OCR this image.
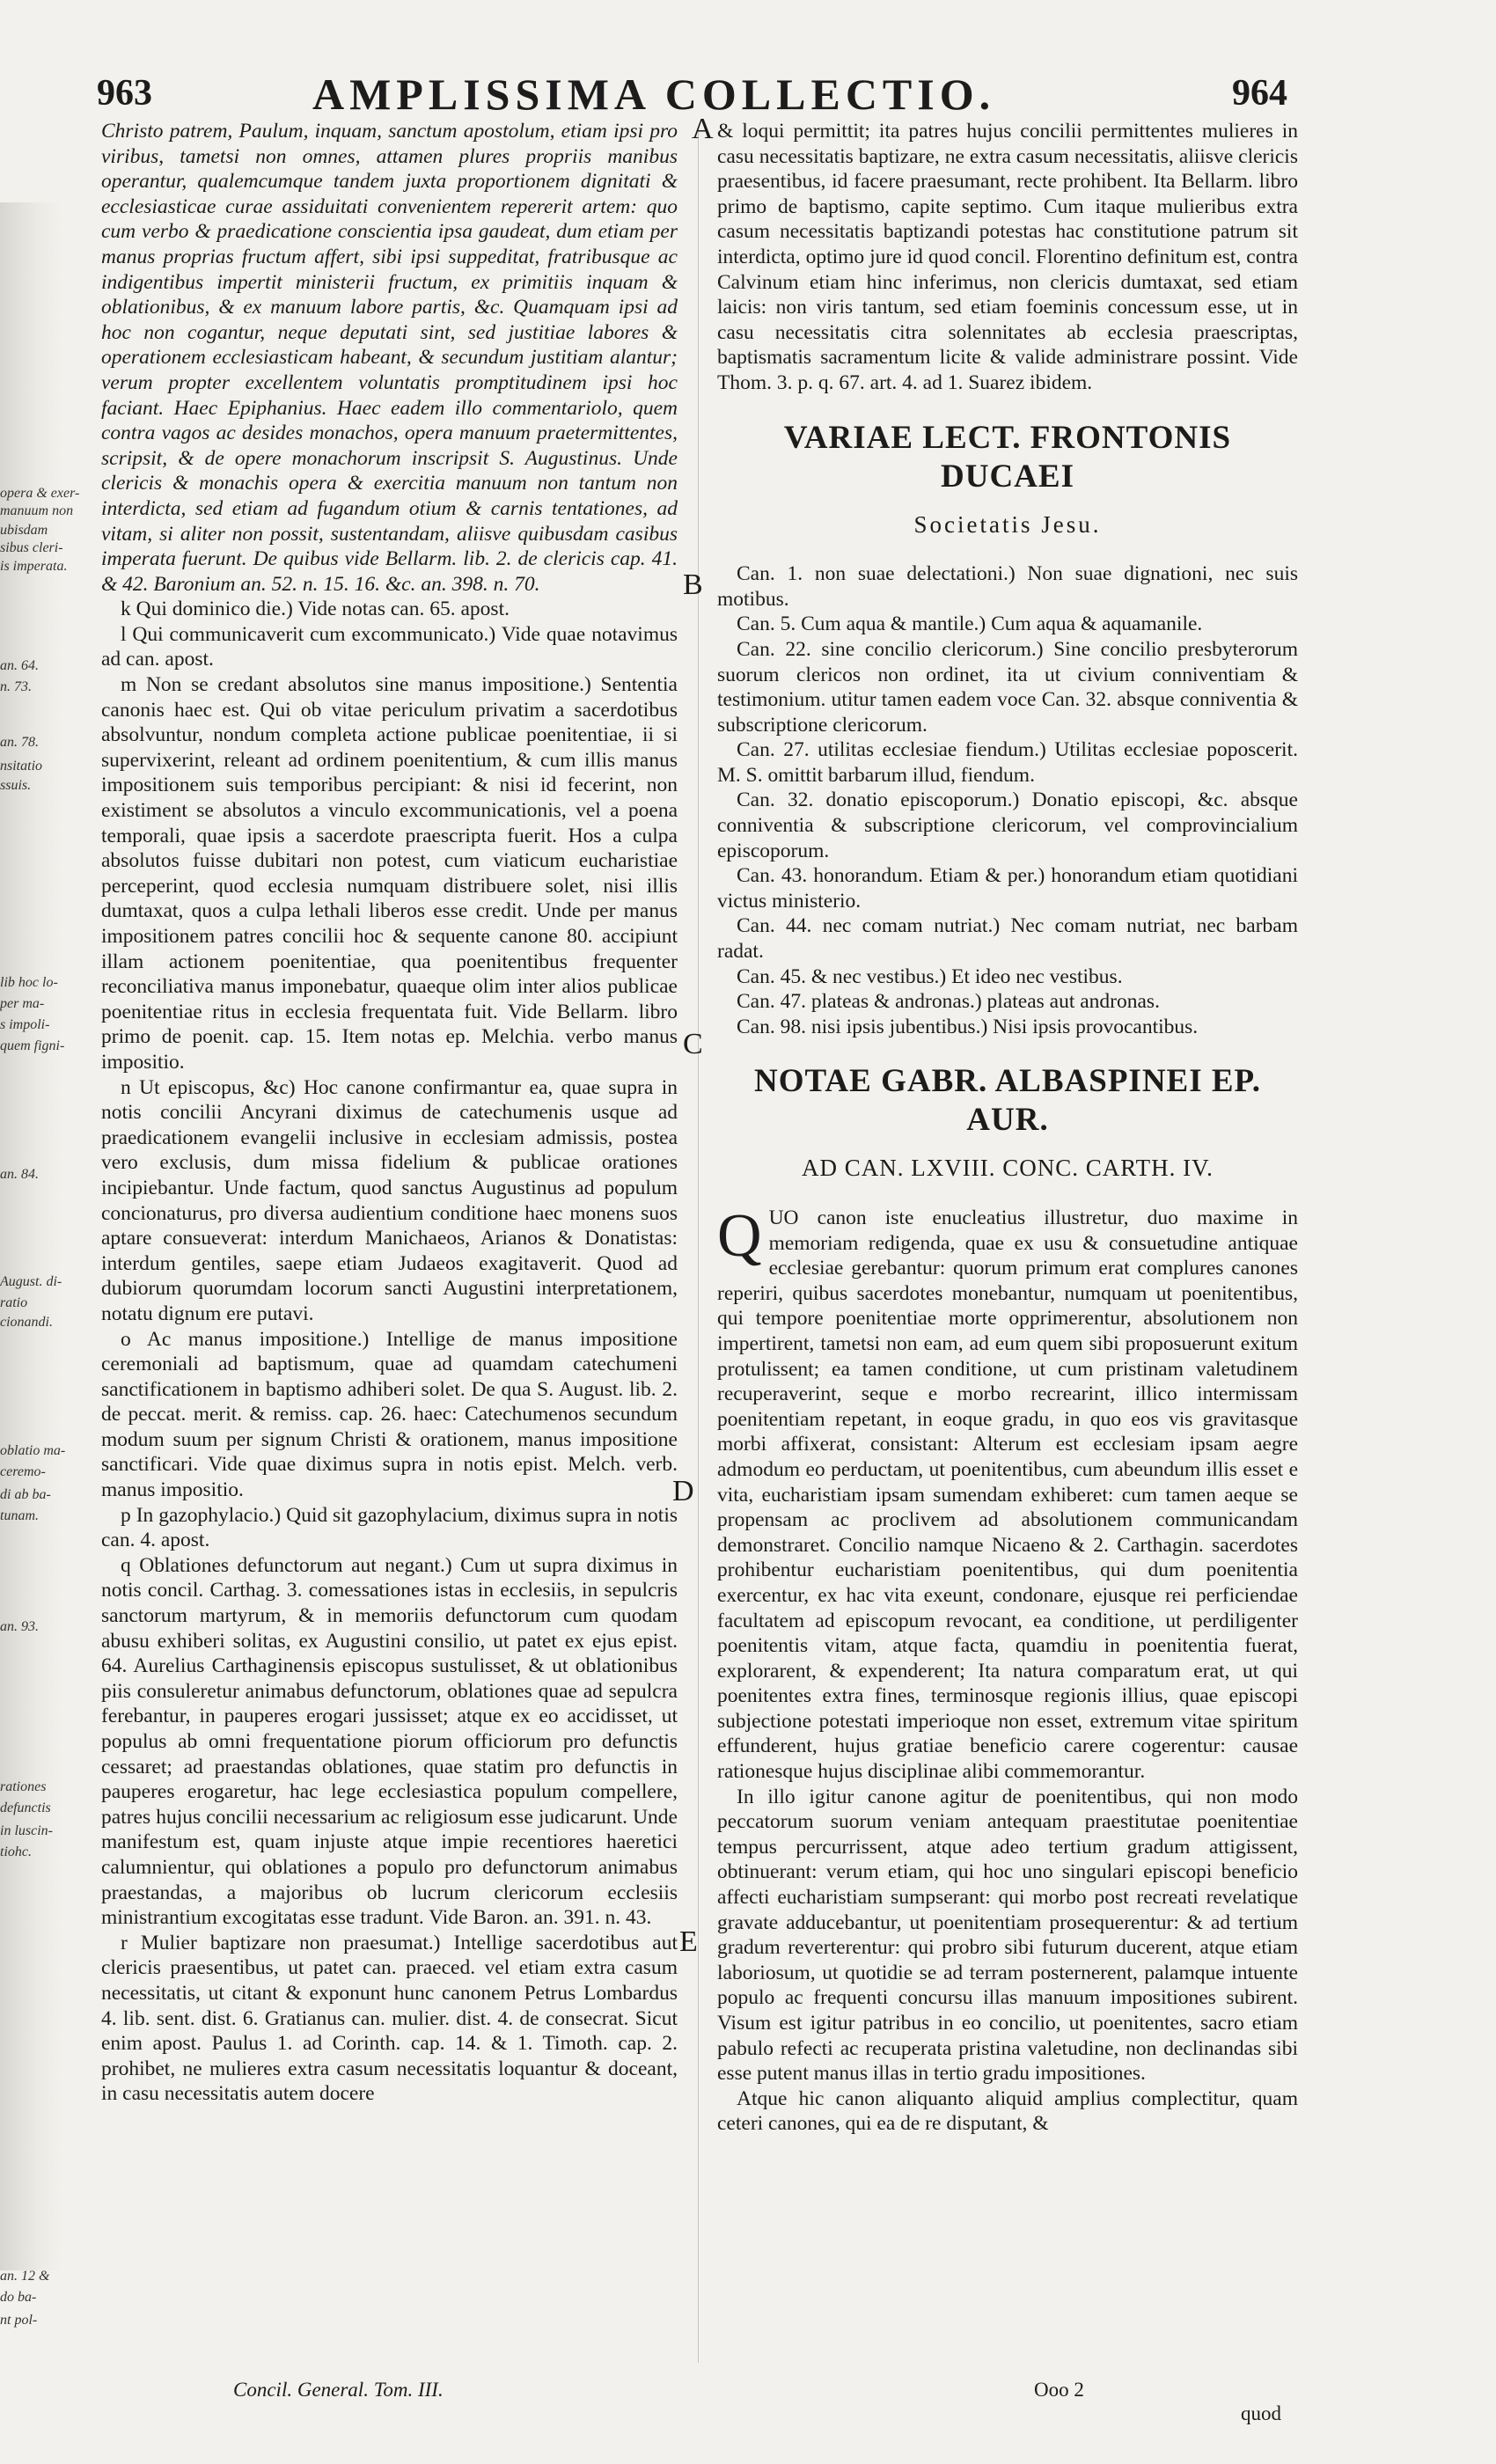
963	AMPLISSIMA COLLECTIO.	964
opera & exer-
manuum non
ubisdam
sibus cleri-
is imperata.
an. 64.
n. 73.
an. 78.
nsitatio
ssuis.
lib hoc lo-
per ma-
s impoli-
quem figni-
an. 84.
August. di-
ratio
cionandi.
oblatio ma-
ceremo-
di ab ba-
tunam.
an. 93.
rationes
defunctis
in luscin-
tiohc.
an. 12 &
do ba-
nt pol-
A
B
C
D
E

Christo patrem, Paulum, inquam, sanctum apostolum, etiam ipsi pro viribus, tametsi non omnes, attamen plures propriis manibus operantur, qualemcumque tandem juxta proportionem dignitati & ecclesiasticae curae assiduitati convenientem repererit artem: quo cum verbo & praedicatione conscientia ipsa gaudeat, dum etiam per manus proprias fructum affert, sibi ipsi suppeditat, fratribusque ac indigentibus impertit ministerii fructum, ex primitiis inquam & oblationibus, & ex manuum labore partis, &c. Quamquam ipsi ad hoc non cogantur, neque deputati sint, sed justitiae labores & operationem ecclesiasticam habeant, & secundum justitiam alantur; verum propter excellentem voluntatis promptitudinem ipsi hoc faciant. Haec Epiphanius. Haec eadem illo commentariolo, quem contra vagos ac desides monachos, opera manuum praetermittentes, scripsit, & de opere monachorum inscripsit S. Augustinus. Unde clericis & monachis opera & exercitia manuum non tantum non interdicta, sed etiam ad fugandum otium & carnis tentationes, ad vitam, si aliter non possit, sustentandam, aliisve quibusdam casibus imperata fuerunt. De quibus vide Bellarm. lib. 2. de clericis cap. 41. & 42. Baronium an. 52. n. 15. 16. &c. an. 398. n. 70.

k Qui dominico die.) Vide notas can. 65. apost.

l Qui communicaverit cum excommunicato.) Vide quae notavimus ad can. apost.

m Non se credant absolutos sine manus impositione.) Sententia canonis haec est. Qui ob vitae periculum privatim a sacerdotibus absolvuntur, nondum completa actione publicae poenitentiae, ii si supervixerint, releant ad ordinem poenitentium, & cum illis manus impositionem suis temporibus percipiant: & nisi id fecerint, non existiment se absolutos a vinculo excommunicationis, vel a poena temporali, quae ipsis a sacerdote praescripta fuerit. Hos a culpa absolutos fuisse dubitari non potest, cum viaticum eucharistiae perceperint, quod ecclesia numquam distribuere solet, nisi illis dumtaxat, quos a culpa lethali liberos esse credit. Unde per manus impositionem patres concilii hoc & sequente canone 80. accipiunt illam actionem poenitentiae, qua poenitentibus frequenter reconciliativa manus imponebatur, quaeque olim inter alios publicae poenitentiae ritus in ecclesia frequentata fuit. Vide Bellarm. libro primo de poenit. cap. 15. Item notas ep. Melchia. verbo manus impositio.

n Ut episcopus, &c) Hoc canone confirmantur ea, quae supra in notis concilii Ancyrani diximus de catechumenis usque ad praedicationem evangelii inclusive in ecclesiam admissis, postea vero exclusis, dum missa fidelium & publicae orationes incipiebantur. Unde factum, quod sanctus Augustinus ad populum concionaturus, pro diversa audientium conditione haec monens suos aptare consueverat: interdum Manichaeos, Arianos & Donatistas: interdum gentiles, saepe etiam Judaeos exagitaverit. Quod ad dubiorum quorumdam locorum sancti Augustini interpretationem, notatu dignum ere putavi.

o Ac manus impositione.) Intellige de manus impositione ceremoniali ad baptismum, quae ad quamdam catechumeni sanctificationem in baptismo adhiberi solet. De qua S. August. lib. 2. de peccat. merit. & remiss. cap. 26. haec: Catechumenos secundum modum suum per signum Christi & orationem, manus impositione sanctificari. Vide quae diximus supra in notis epist. Melch. verb. manus impositio.

p In gazophylacio.) Quid sit gazophylacium, diximus supra in notis can. 4. apost.

q Oblationes defunctorum aut negant.) Cum ut supra diximus in notis concil. Carthag. 3. comessationes istas in ecclesiis, in sepulcris sanctorum martyrum, & in memoriis defunctorum cum quodam abusu exhiberi solitas, ex Augustini consilio, ut patet ex ejus epist. 64. Aurelius Carthaginensis episcopus sustulisset, & ut oblationibus piis consuleretur animabus defunctorum, oblationes quae ad sepulcra ferebantur, in pauperes erogari jussisset; atque ex eo accidisset, ut populus ab omni frequentatione piorum officiorum pro defunctis cessaret; ad praestandas oblationes, quae statim pro defunctis in pauperes erogaretur, hac lege ecclesiastica populum compellere, patres hujus concilii necessarium ac religiosum esse judicarunt. Unde manifestum est, quam injuste atque impie recentiores haeretici calumnientur, qui oblationes a populo pro defunctorum animabus praestandas, a majoribus ob lucrum clericorum ecclesiis ministrantium excogitatas esse tradunt. Vide Baron. an. 391. n. 43.

r Mulier baptizare non praesumat.) Intellige sacerdotibus aut clericis praesentibus, ut patet can. praeced. vel etiam extra casum necessitatis, ut citant & exponunt hunc canonem Petrus Lombardus 4. lib. sent. dist. 6. Gratianus can. mulier. dist. 4. de consecrat. Sicut enim apost. Paulus 1. ad Corinth. cap. 14. & 1. Timoth. cap. 2. prohibet, ne mulieres extra casum necessitatis loquantur & doceant, in casu necessitatis autem docere

& loqui permittit; ita patres hujus concilii permittentes mulieres in casu necessitatis baptizare, ne extra casum necessitatis, aliisve clericis praesentibus, id facere praesumant, recte prohibent. Ita Bellarm. libro primo de baptismo, capite septimo. Cum itaque mulieribus extra casum necessitatis baptizandi potestas hac constitutione patrum sit interdicta, optimo jure id quod concil. Florentino definitum est, contra Calvinum etiam hinc inferimus, non clericis dumtaxat, sed etiam laicis: non viris tantum, sed etiam foeminis concessum esse, ut in casu necessitatis citra solennitates ab ecclesia praescriptas, baptismatis sacramentum licite & valide administrare possint. Vide Thom. 3. p. q. 67. art. 4. ad 1. Suarez ibidem.

VARIAE LECT. FRONTONIS DUCAEI
Societatis Jesu.

Can. 1. non suae delectationi.) Non suae dignationi, nec suis motibus.

Can. 5. Cum aqua & mantile.) Cum aqua & aquamanile.

Can. 22. sine concilio clericorum.) Sine concilio presbyterorum suorum clericos non ordinet, ita ut civium conniventiam & testimonium. utitur tamen eadem voce Can. 32. absque conniventia & subscriptione clericorum.

Can. 27. utilitas ecclesiae fiendum.) Utilitas ecclesiae poposcerit. M. S. omittit barbarum illud, fiendum.

Can. 32. donatio episcoporum.) Donatio episcopi, &c. absque conniventia & subscriptione clericorum, vel comprovincialium episcoporum.

Can. 43. honorandum. Etiam & per.) honorandum etiam quotidiani victus ministerio.

Can. 44. nec comam nutriat.) Nec comam nutriat, nec barbam radat.

Can. 45. & nec vestibus.) Et ideo nec vestibus.

Can. 47. plateas & andronas.) plateas aut andronas.

Can. 98. nisi ipsis jubentibus.) Nisi ipsis provocantibus.

NOTAE GABR. ALBASPINEI EP. AUR.
AD CAN. LXVIII. CONC. CARTH. IV.

QUO canon iste enucleatius illustretur, duo maxime in memoriam redigenda, quae ex usu & consuetudine antiquae ecclesiae gerebantur: quorum primum erat complures canones reperiri, quibus sacerdotes monebantur, numquam ut poenitentibus, qui tempore poenitentiae morte opprimerentur, absolutionem non impertirent, tametsi non eam, ad eum quem sibi proposuerunt exitum protulissent; ea tamen conditione, ut cum pristinam valetudinem recuperaverint, seque e morbo recrearint, illico intermissam poenitentiam repetant, in eoque gradu, in quo eos vis gravitasque morbi affixerat, consistant: Alterum est ecclesiam ipsam aegre admodum eo perductam, ut poenitentibus, cum abeundum illis esset e vita, eucharistiam ipsam sumendam exhiberet: cum tamen aeque se propensam ac proclivem ad absolutionem communicandam demonstraret. Concilio namque Nicaeno & 2. Carthagin. sacerdotes prohibentur eucharistiam poenitentibus, qui dum poenitentia exercentur, ex hac vita exeunt, condonare, ejusque rei perficiendae facultatem ad episcopum revocant, ea conditione, ut perdiligenter poenitentis vitam, atque facta, quamdiu in poenitentia fuerat, explorarent, & expenderent; Ita natura comparatum erat, ut qui poenitentes extra fines, terminosque regionis illius, quae episcopi subjectione potestati imperioque non esset, extremum vitae spiritum effunderent, hujus gratiae beneficio carere cogerentur: causae rationesque hujus disciplinae alibi commemorantur.

In illo igitur canone agitur de poenitentibus, qui non modo peccatorum suorum veniam antequam praestitutae poenitentiae tempus percurrissent, atque adeo tertium gradum attigissent, obtinuerant: verum etiam, qui hoc uno singulari episcopi beneficio affecti eucharistiam sumpserant: qui morbo post recreati revelatique gravate adducebantur, ut poenitentiam prosequerentur: & ad tertium gradum reverterentur: qui probro sibi futurum ducerent, atque etiam laboriosum, ut quotidie se ad terram posternerent, palamque intuente populo ac frequenti concursu illas manuum impositiones subirent. Visum est igitur patribus in eo concilio, ut poenitentes, sacro etiam pabulo refecti ac recuperata pristina valetudine, non declinandas sibi esse putent manus illas in tertio gradu impositiones.

Atque hic canon aliquanto aliquid amplius complectitur, quam ceteri canones, qui ea de re disputant, &

Concil. General. Tom. III.	Ooo 2
quod
